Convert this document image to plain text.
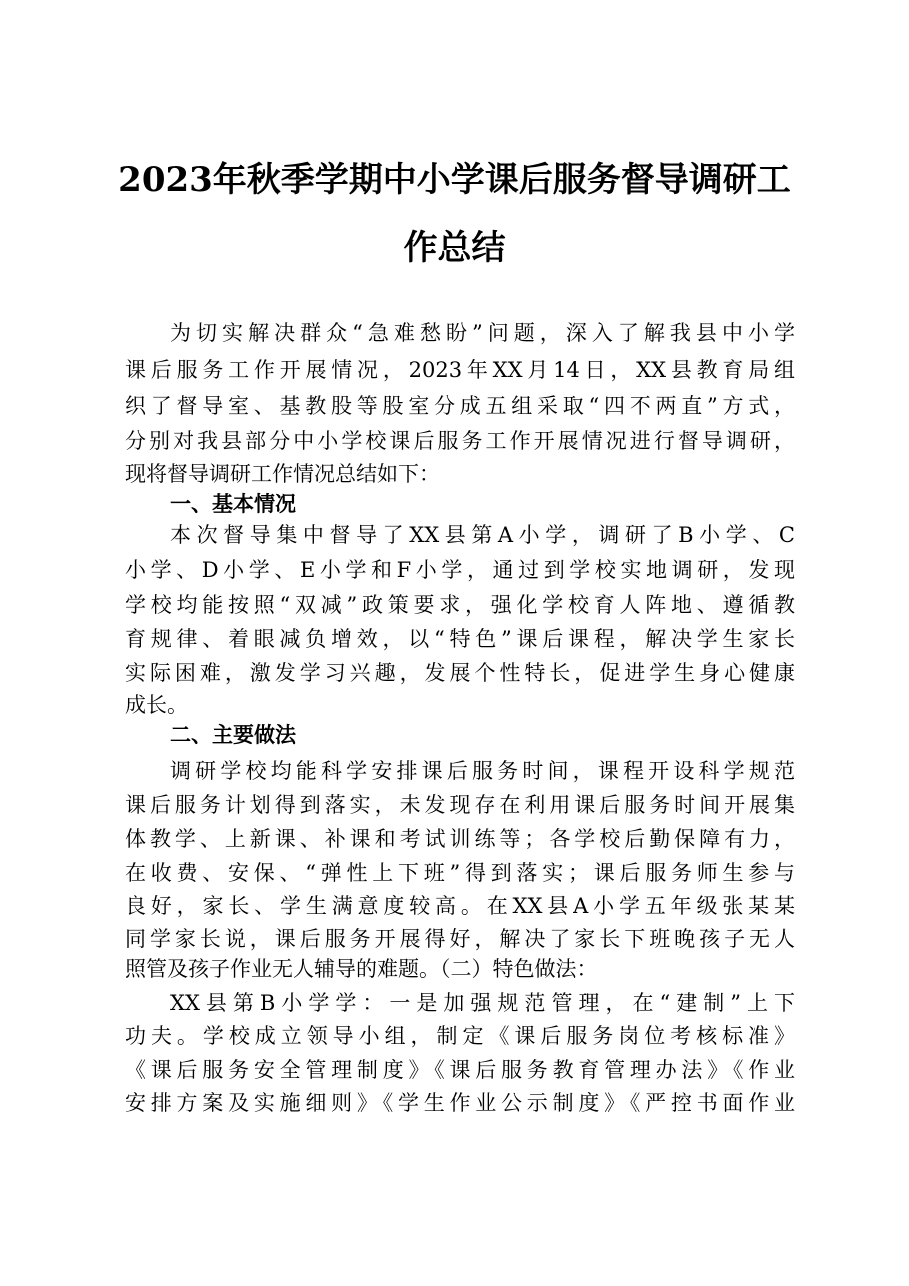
2023年秋季学期中小学课后服务督导调研工
作总结
为切实解决群众“急难愁盼”问题，深入了解我县中小学
课后服务工作开展情况，2023年XX月14日，XX县教育局组
织了督导室、基教股等股室分成五组采取“四不两直”方式，
分别对我县部分中小学校课后服务工作开展情况进行督导调研，
现将督导调研工作情况总结如下：
一、基本情况
本次督导集中督导了XX县第A小学，调研了B小学、C
小学、D小学、E小学和F小学，通过到学校实地调研，发现
学校均能按照“双减”政策要求，强化学校育人阵地、遵循教
育规律、着眼减负增效，以“特色”课后课程，解决学生家长
实际困难，激发学习兴趣，发展个性特长，促进学生身心健康
成长。
二、主要做法
调研学校均能科学安排课后服务时间，课程开设科学规范
课后服务计划得到落实，未发现存在利用课后服务时间开展集
体教学、上新课、补课和考试训练等；各学校后勤保障有力，
在收费、安保、“弹性上下班”得到落实；课后服务师生参与
良好，家长、学生满意度较高。在XX县A小学五年级张某某
同学家长说，课后服务开展得好，解决了家长下班晚孩子无人
照管及孩子作业无人辅导的难题。（二）特色做法：
XX县第B小学学：一是加强规范管理，在“建制”上下
功夫。学校成立领导小组，制定《课后服务岗位考核标准》
《课后服务安全管理制度》《课后服务教育管理办法》《作业
安排方案及实施细则》《学生作业公示制度》《严控书面作业
